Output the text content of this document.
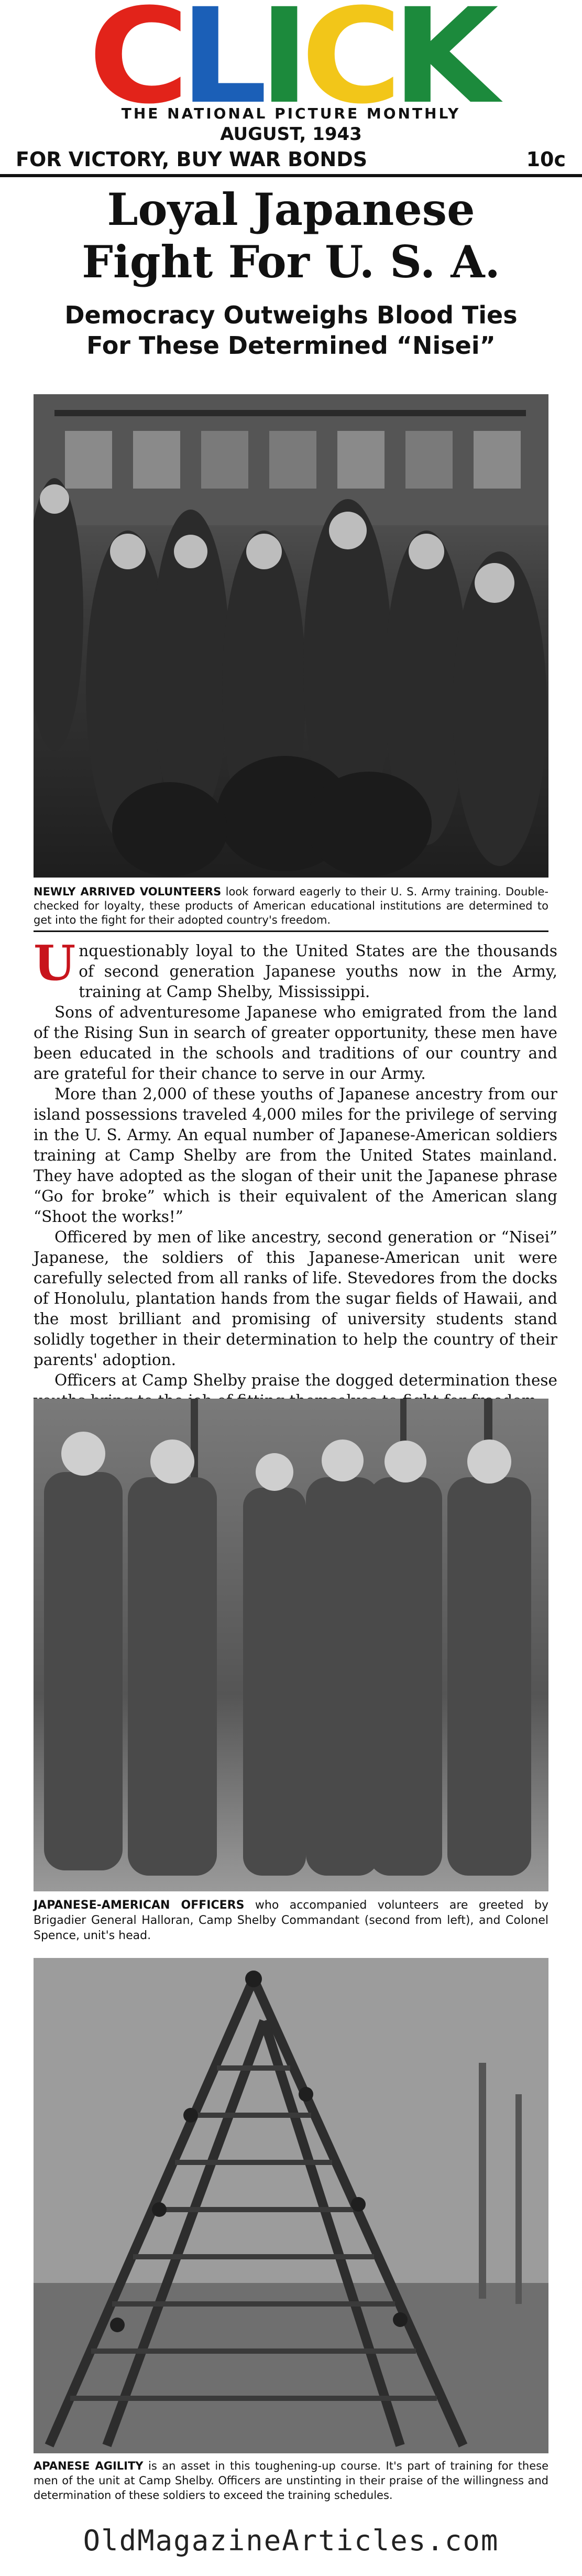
C
L
I
C
K
THE NATIONAL PICTURE MONTHLY
AUGUST, 1943
FOR VICTORY, BUY WAR BONDS	10c
Loyal Japanese
Fight For U. S. A.
Democracy Outweighs Blood Ties
For These Determined “Nisei”
NEWLY ARRIVED VOLUNTEERS look forward eagerly to their U. S. Army training. Double-checked for loyalty, these products of American educational institutions are determined to get into the fight for their adopted country's freedom.

Unquestionably loyal to the United States are the thousands of second generation Japanese youths now in the Army, training at Camp Shelby, Mississippi.

Sons of adventuresome Japanese who emigrated from the land of the Rising Sun in search of greater opportunity, these men have been educated in the schools and traditions of our country and are grateful for their chance to serve in our Army.

More than 2,000 of these youths of Japanese ancestry from our island possessions traveled 4,000 miles for the privilege of serving in the U. S. Army. An equal number of Japanese-American soldiers training at Camp Shelby are from the United States mainland. They have adopted as the slogan of their unit the Japanese phrase “Go for broke” which is their equivalent of the American slang “Shoot the works!”

Officered by men of like ancestry, second generation or “Nisei” Japanese, the soldiers of this Japanese-American unit were carefully selected from all ranks of life. Stevedores from the docks of Honolulu, plantation hands from the sugar fields of Hawaii, and the most brilliant and promising of university students stand solidly together in their determination to help the country of their parents' adoption.

Officers at Camp Shelby praise the dogged determination these

JAPANESE-AMERICAN OFFICERS who accompanied volunteers are greeted by Brigadier General Halloran, Camp Shelby Commandant (second from left), and Colonel Spence, unit's head.
APANESE AGILITY is an asset in this toughening-up course. It's part of training for these men of the unit at Camp Shelby. Officers are unstinting in their praise of the willingness and determination of these soldiers to exceed the training schedules.
OldMagazineArticles.com
